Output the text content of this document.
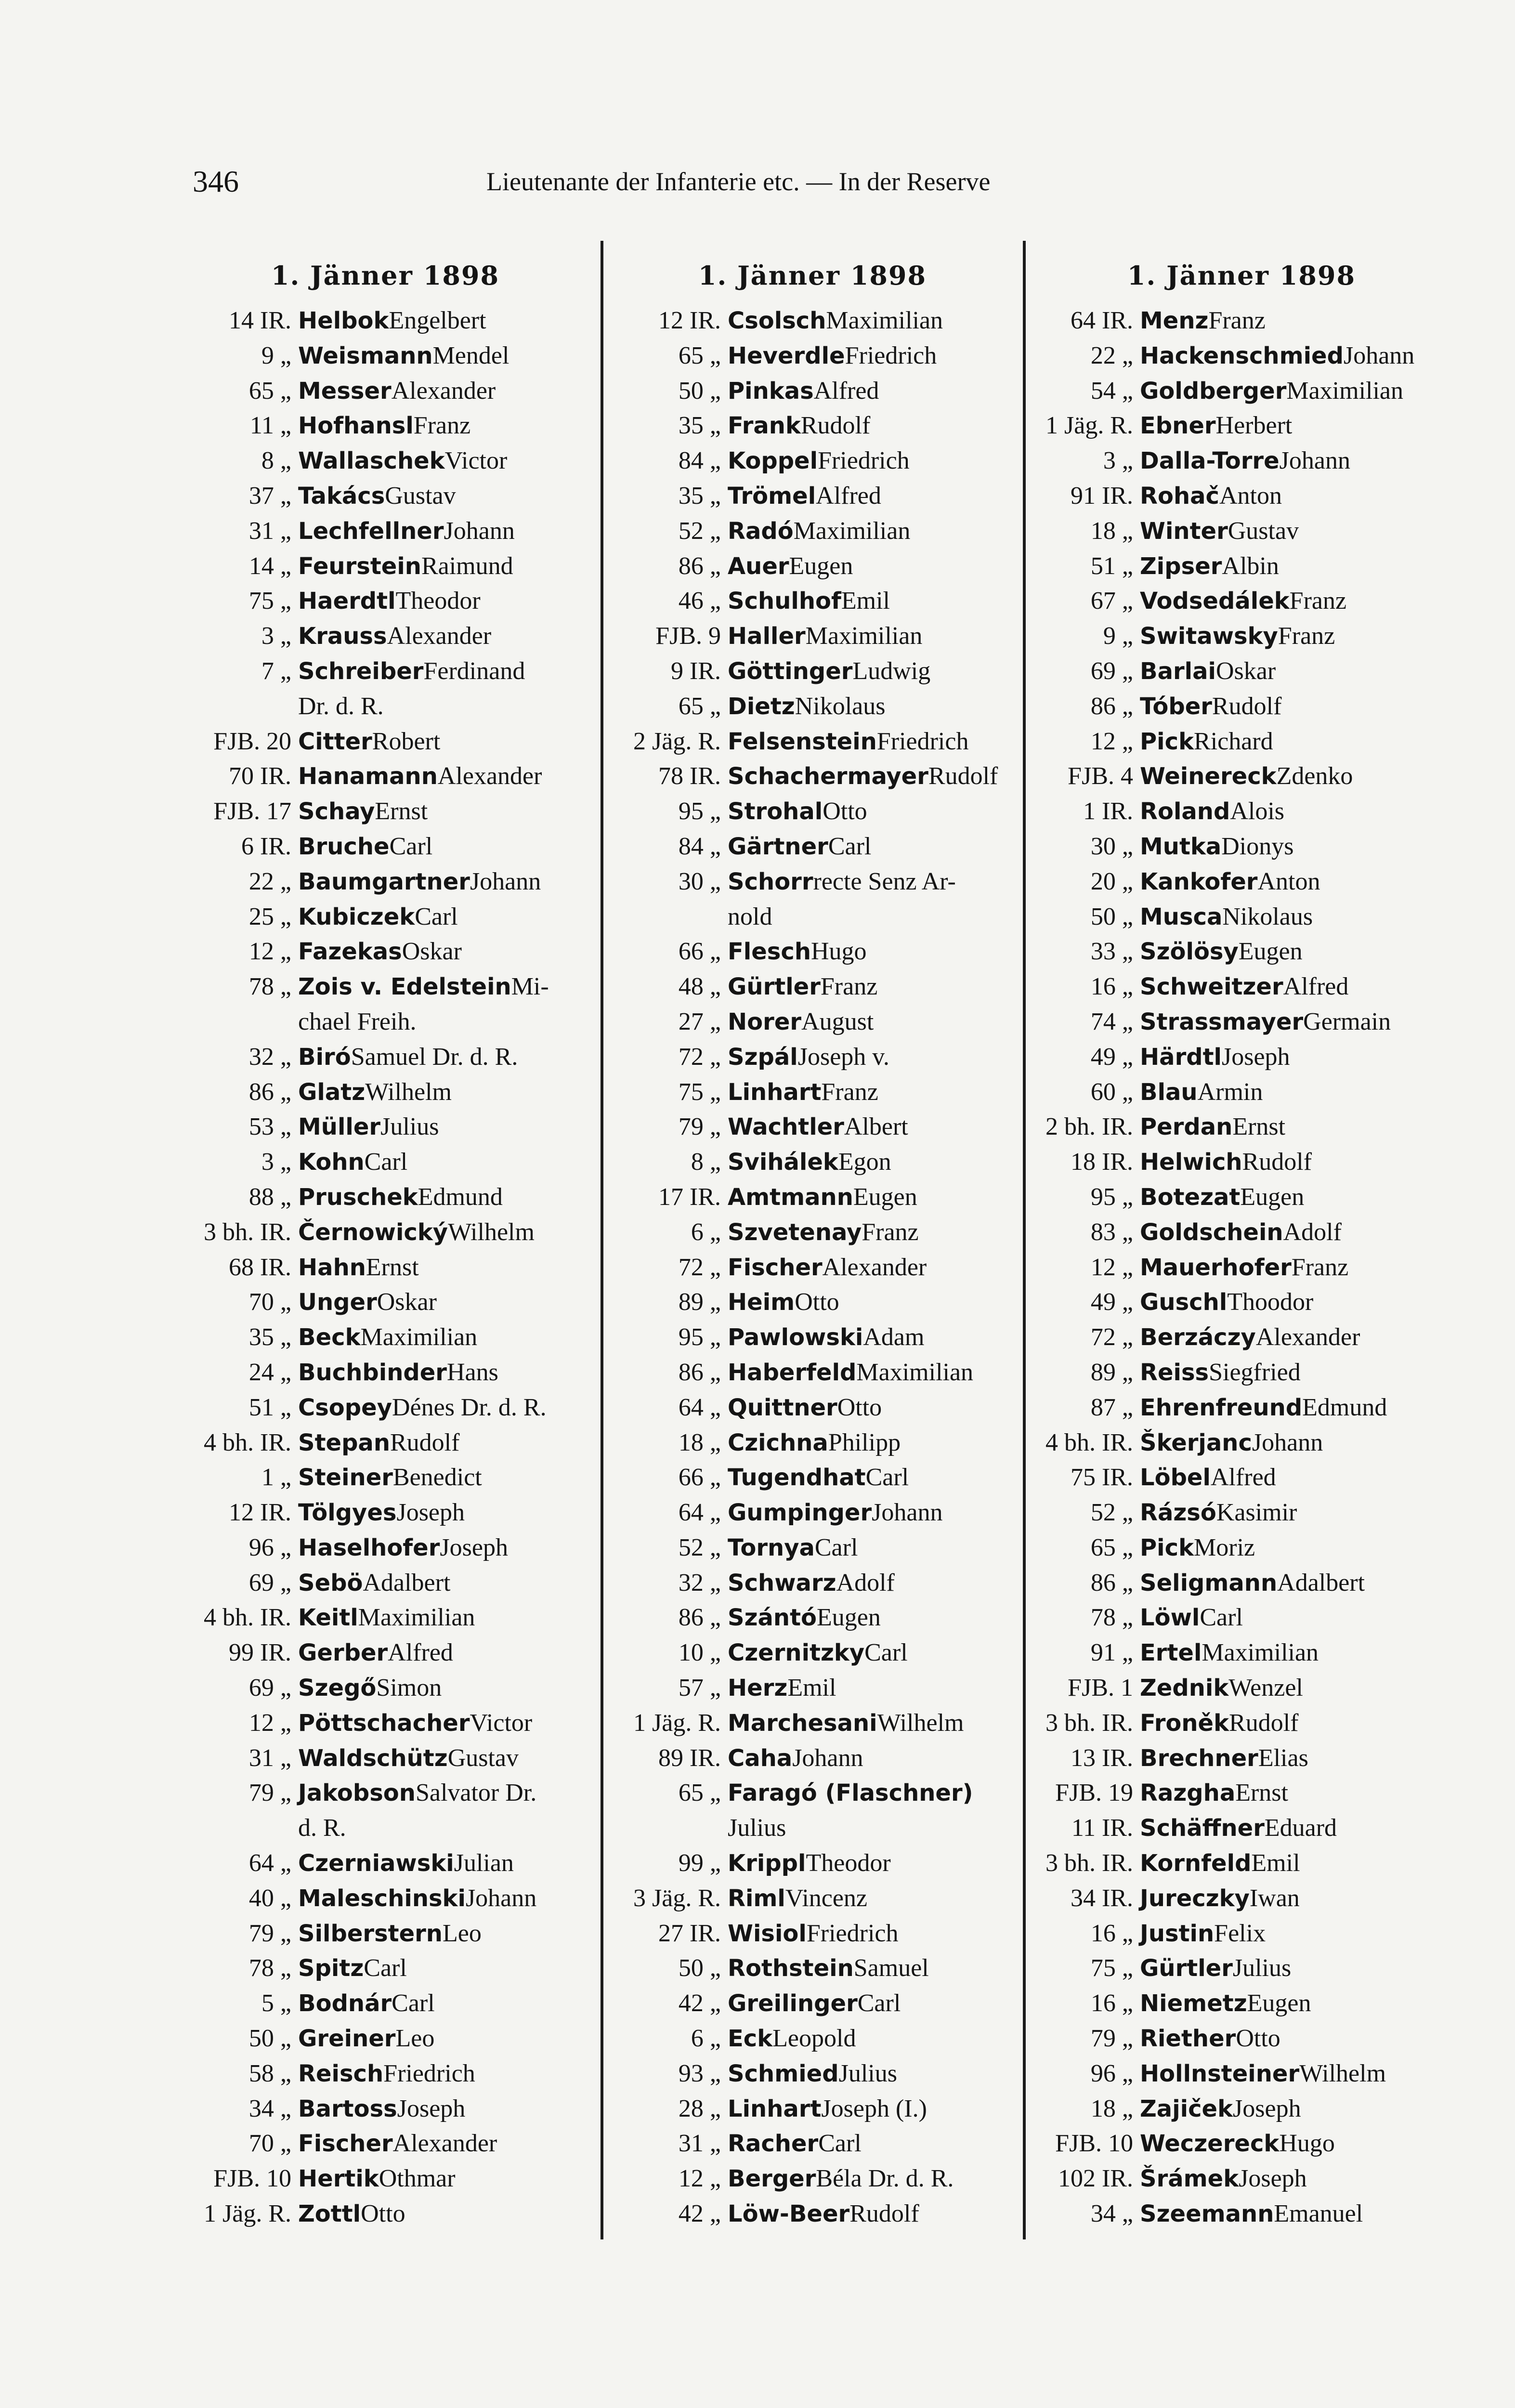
346	Lieutenante der Infanterie etc. — In der Reserve
1. Jänner 1898
14 IR. Helbok Engelbert
9 „ Weismann Mendel
65 „ Messer Alexander
11 „ Hofhansl Franz
8 „ Wallaschek Victor
37 „ Takács Gustav
31 „ Lechfellner Johann
14 „ Feurstein Raimund
75 „ Haerdtl Theodor
3 „ Krauss Alexander
7 „ Schreiber Ferdinand
Dr. d. R.
FJB. 20 Citter Robert
70 IR. Hanamann Alexander
FJB. 17 Schay Ernst
6 IR. Bruche Carl
22 „ Baumgartner Johann
25 „ Kubiczek Carl
12 „ Fazekas Oskar
78 „ Zois v. Edelstein Mi-
chael Freih.
32 „ Biró Samuel Dr. d. R.
86 „ Glatz Wilhelm
53 „ Müller Julius
3 „ Kohn Carl
88 „ Pruschek Edmund
3 bh. IR. Černowický Wilhelm
68 IR. Hahn Ernst
70 „ Unger Oskar
35 „ Beck Maximilian
24 „ Buchbinder Hans
51 „ Csopey Dénes Dr. d. R.
4 bh. IR. Stepan Rudolf
1 „ Steiner Benedict
12 IR. Tölgyes Joseph
96 „ Haselhofer Joseph
69 „ Sebö Adalbert
4 bh. IR. Keitl Maximilian
99 IR. Gerber Alfred
69 „ Szegő Simon
12 „ Pöttschacher Victor
31 „ Waldschütz Gustav
79 „ Jakobson Salvator Dr.
d. R.
64 „ Czerniawski Julian
40 „ Maleschinski Johann
79 „ Silberstern Leo
78 „ Spitz Carl
5 „ Bodnár Carl
50 „ Greiner Leo
58 „ Reisch Friedrich
34 „ Bartoss Joseph
70 „ Fischer Alexander
FJB. 10 Hertik Othmar
1 Jäg. R. Zottl Otto
1. Jänner 1898
12 IR. Csolsch Maximilian
65 „ Heverdle Friedrich
50 „ Pinkas Alfred
35 „ Frank Rudolf
84 „ Koppel Friedrich
35 „ Trömel Alfred
52 „ Radó Maximilian
86 „ Auer Eugen
46 „ Schulhof Emil
FJB. 9 Haller Maximilian
9 IR. Göttinger Ludwig
65 „ Dietz Nikolaus
2 Jäg. R. Felsenstein Friedrich
78 IR. Schachermayer Rudolf
95 „ Strohal Otto
84 „ Gärtner Carl
30 „ Schorr recte Senz Ar-
nold
66 „ Flesch Hugo
48 „ Gürtler Franz
27 „ Norer August
72 „ Szpál Joseph v.
75 „ Linhart Franz
79 „ Wachtler Albert
8 „ Svihálek Egon
17 IR. Amtmann Eugen
6 „ Szvetenay Franz
72 „ Fischer Alexander
89 „ Heim Otto
95 „ Pawlowski Adam
86 „ Haberfeld Maximilian
64 „ Quittner Otto
18 „ Czichna Philipp
66 „ Tugendhat Carl
64 „ Gumpinger Johann
52 „ Tornya Carl
32 „ Schwarz Adolf
86 „ Szántó Eugen
10 „ Czernitzky Carl
57 „ Herz Emil
1 Jäg. R. Marchesani Wilhelm
89 IR. Caha Johann
65 „ Faragó (Flaschner)
Julius
99 „ Krippl Theodor
3 Jäg. R. Riml Vincenz
27 IR. Wisiol Friedrich
50 „ Rothstein Samuel
42 „ Greilinger Carl
6 „ Eck Leopold
93 „ Schmied Julius
28 „ Linhart Joseph (I.)
31 „ Racher Carl
12 „ Berger Béla Dr. d. R.
42 „ Löw-Beer Rudolf
1. Jänner 1898
64 IR. Menz Franz
22 „ Hackenschmied Johann
54 „ Goldberger Maximilian
1 Jäg. R. Ebner Herbert
3 „ Dalla-Torre Johann
91 IR. Rohač Anton
18 „ Winter Gustav
51 „ Zipser Albin
67 „ Vodsedálek Franz
9 „ Switawsky Franz
69 „ Barlai Oskar
86 „ Tóber Rudolf
12 „ Pick Richard
FJB. 4 Weinereck Zdenko
1 IR. Roland Alois
30 „ Mutka Dionys
20 „ Kankofer Anton
50 „ Musca Nikolaus
33 „ Szölösy Eugen
16 „ Schweitzer Alfred
74 „ Strassmayer Germain
49 „ Härdtl Joseph
60 „ Blau Armin
2 bh. IR. Perdan Ernst
18 IR. Helwich Rudolf
95 „ Botezat Eugen
83 „ Goldschein Adolf
12 „ Mauerhofer Franz
49 „ Guschl Thoodor
72 „ Berzáczy Alexander
89 „ Reiss Siegfried
87 „ Ehrenfreund Edmund
4 bh. IR. Škerjanc Johann
75 IR. Löbel Alfred
52 „ Rázsó Kasimir
65 „ Pick Moriz
86 „ Seligmann Adalbert
78 „ Löwl Carl
91 „ Ertel Maximilian
FJB. 1 Zednik Wenzel
3 bh. IR. Froněk Rudolf
13 IR. Brechner Elias
FJB. 19 Razgha Ernst
11 IR. Schäffner Eduard
3 bh. IR. Kornfeld Emil
34 IR. Jureczky Iwan
16 „ Justin Felix
75 „ Gürtler Julius
16 „ Niemetz Eugen
79 „ Riether Otto
96 „ Hollnsteiner Wilhelm
18 „ Zajiček Joseph
FJB. 10 Weczereck Hugo
102 IR. Šrámek Joseph
34 „ Szeemann Emanuel
